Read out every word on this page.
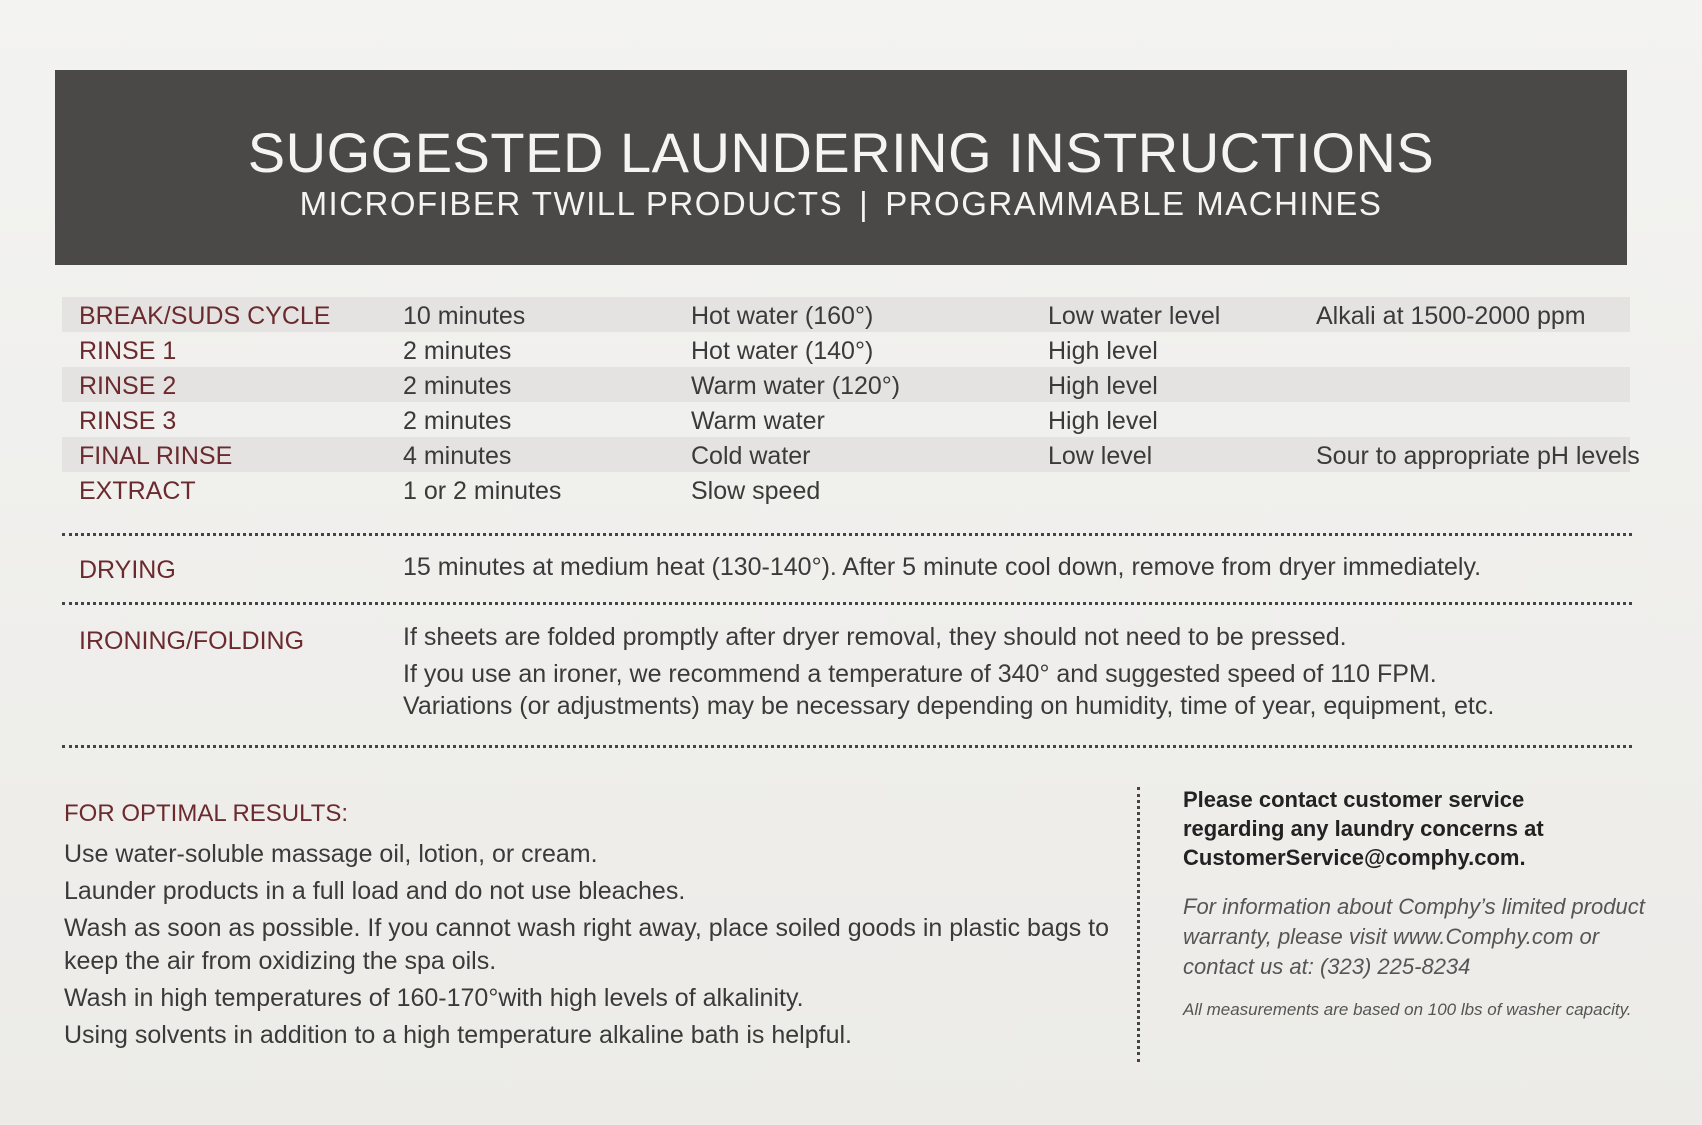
SUGGESTED LAUNDERING INSTRUCTIONS
MICROFIBER TWILL PRODUCTS | PROGRAMMABLE MACHINES
BREAK/SUDS CYCLE	10 minutes	Hot water (160°)	Low water level	Alkali at 1500-2000 ppm
RINSE 1	2 minutes	Hot water (140°)	High level
RINSE 2	2 minutes	Warm water (120°)	High level
RINSE 3	2 minutes	Warm water	High level
FINAL RINSE	4 minutes	Cold water	Low level	Sour to appropriate pH levels
EXTRACT	1 or 2 minutes	Slow speed
DRYING	15 minutes at medium heat (130-140°). After 5 minute cool down, remove from dryer immediately.
IRONING/FOLDING	If sheets are folded promptly after dryer removal, they should not need to be pressed.
If you use an ironer, we recommend a temperature of 340° and suggested speed of 110 FPM.
Variations (or adjustments) may be necessary depending on humidity, time of year, equipment, etc.
FOR OPTIMAL RESULTS:
Use water-soluble massage oil, lotion, or cream.
Launder products in a full load and do not use bleaches.
Wash as soon as possible. If you cannot wash right away, place soiled goods in plastic bags to keep the air from oxidizing the spa oils.
Wash in high temperatures of 160-170°with high levels of alkalinity.
Using solvents in addition to a high temperature alkaline bath is helpful.
Please contact customer service
regarding any laundry concerns at
CustomerService@comphy.com.
For information about Comphy’s limited product
warranty, please visit www.Comphy.com or
contact us at: (323) 225-8234
All measurements are based on 100 lbs of washer capacity.
